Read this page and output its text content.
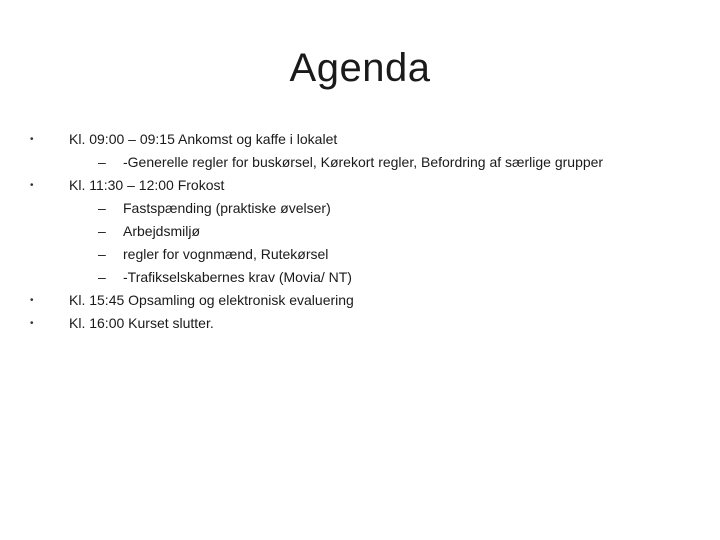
Agenda
•	Kl. 09:00 – 09:15 Ankomst og kaffe i lokalet
– -Generelle regler for buskørsel, Kørekort regler, Befordring af særlige grupper
•	Kl. 11:30 – 12:00 Frokost
– Fastspænding (praktiske øvelser)
– Arbejdsmiljø
– regler for vognmænd, Rutekørsel
– -Trafikselskabernes krav (Movia/ NT)
•	Kl. 15:45 Opsamling og elektronisk evaluering
•	Kl. 16:00 Kurset slutter.
